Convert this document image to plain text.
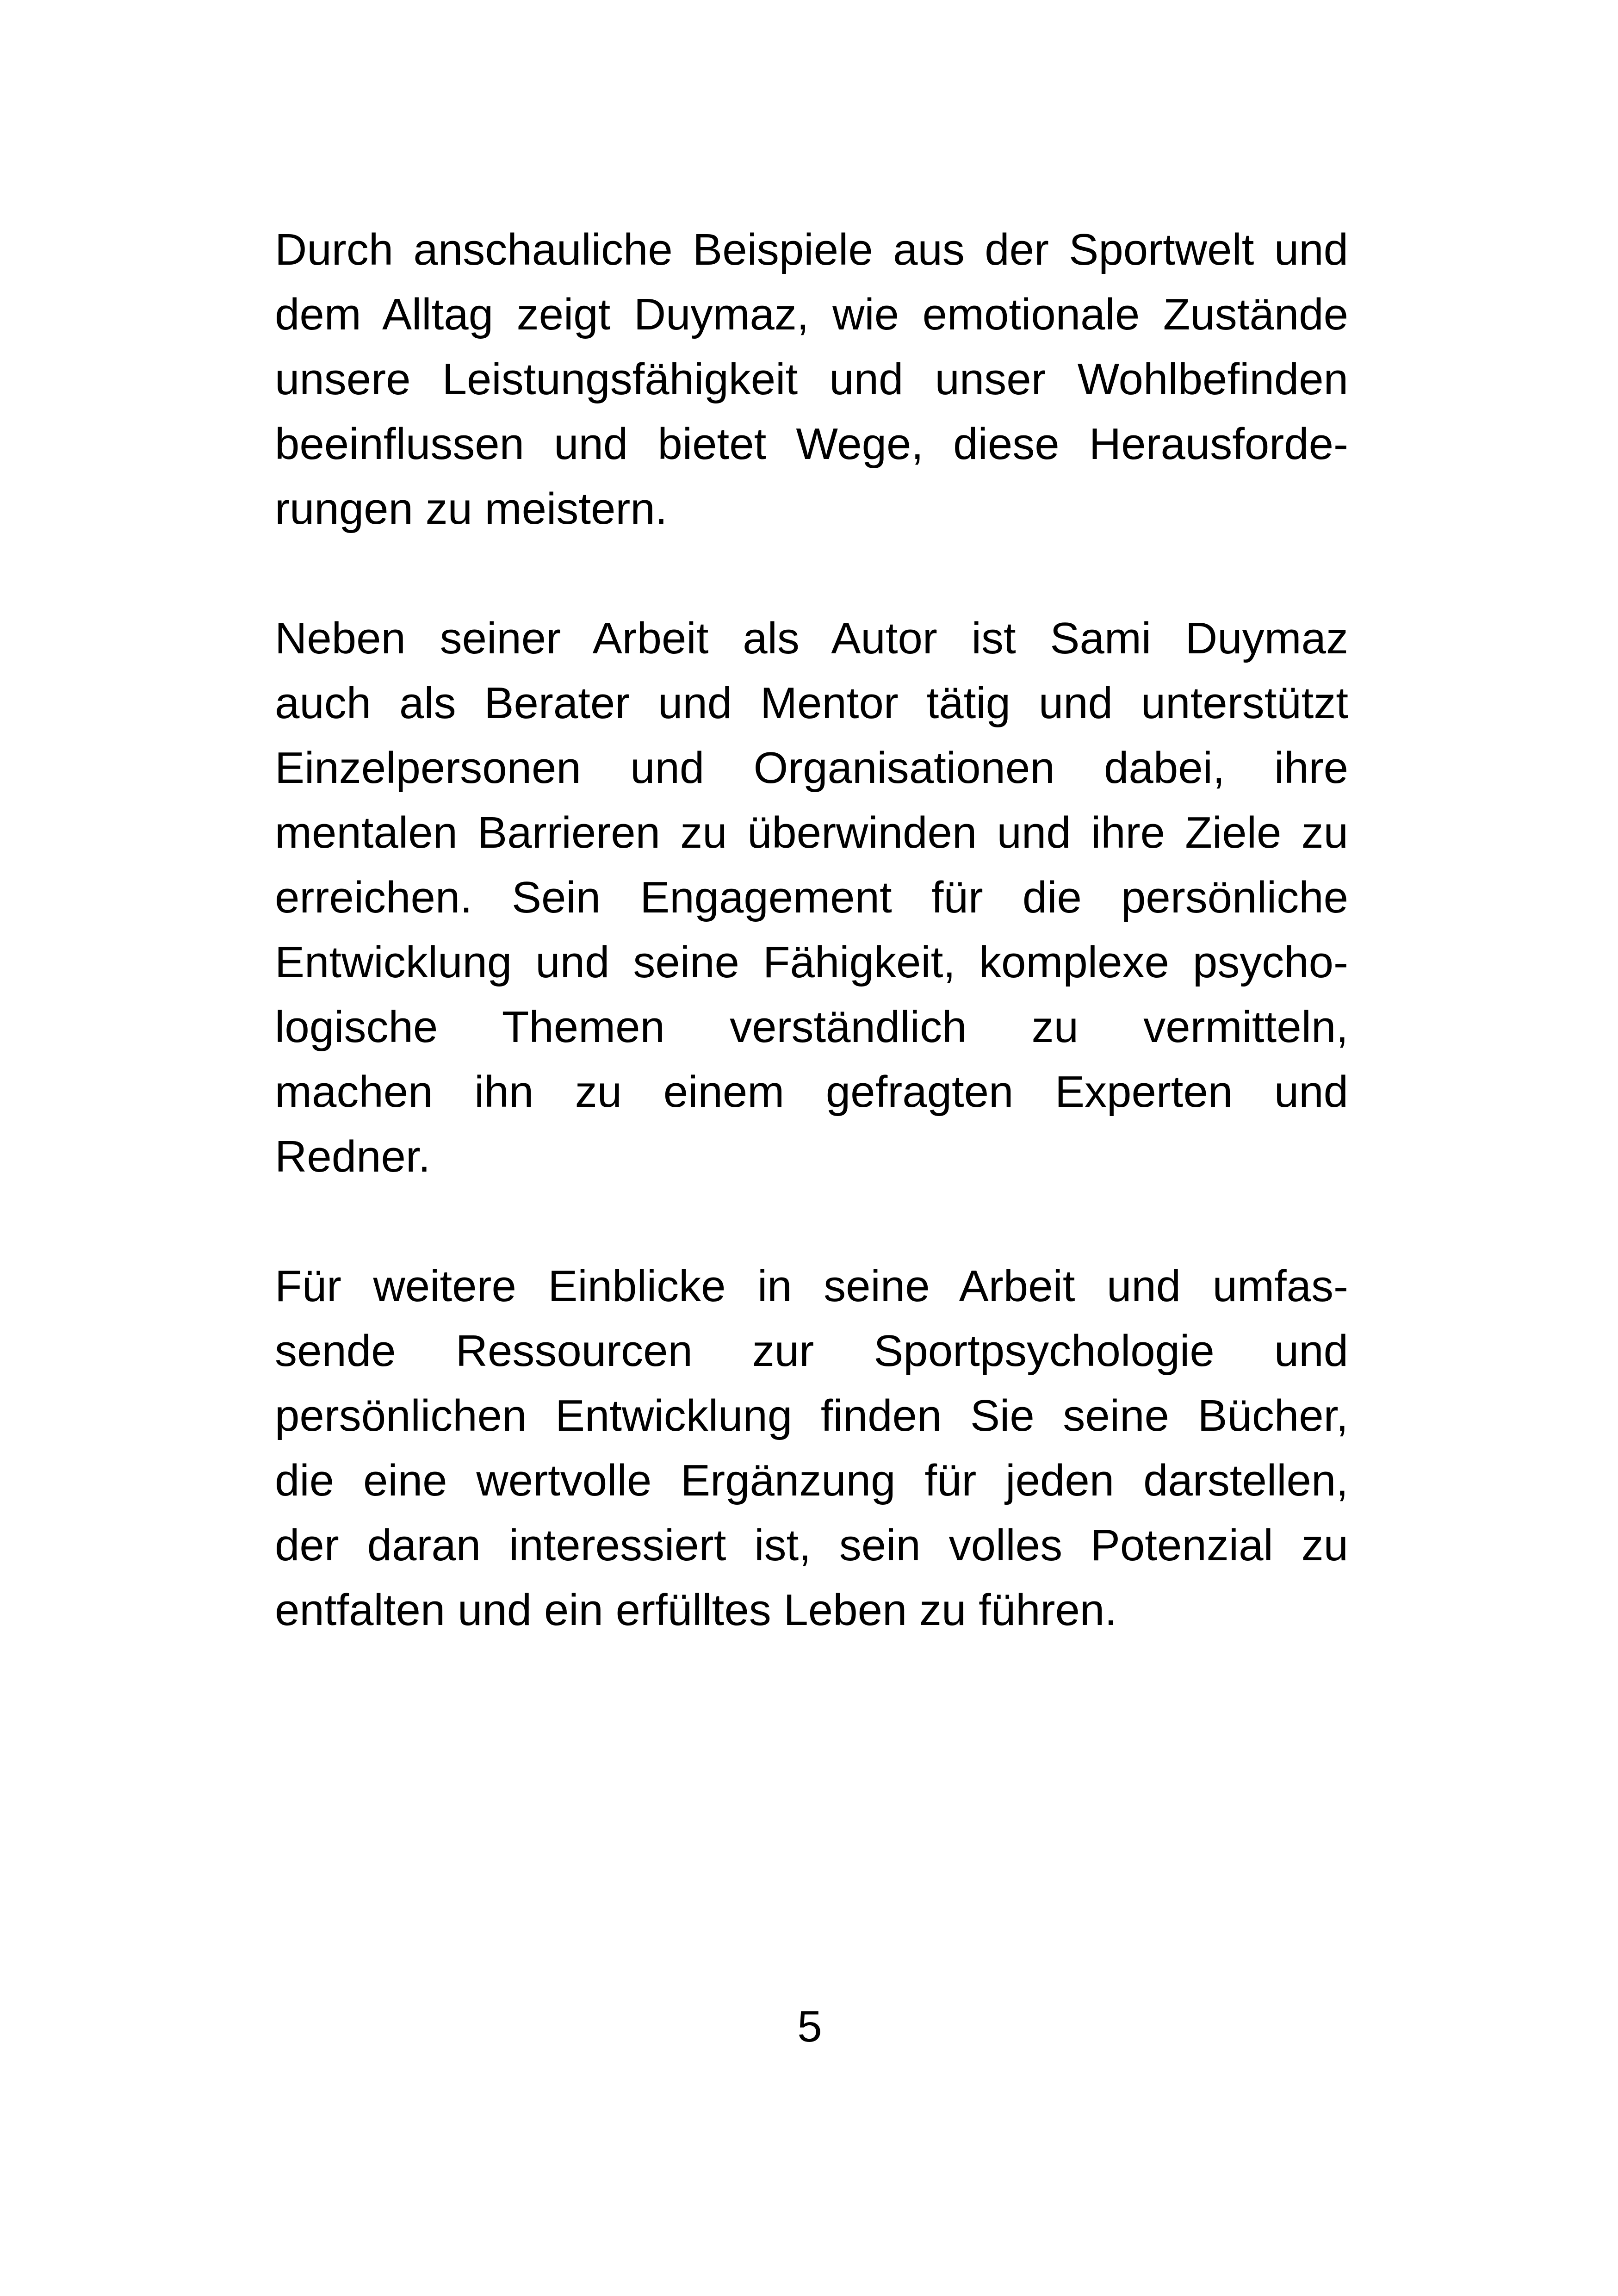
Durch anschauliche Beispiele aus der Sportwelt und
dem Alltag zeigt Duymaz, wie emotionale Zustände
unsere Leistungsfähigkeit und unser Wohlbefinden
beeinflussen und bietet Wege, diese Herausforde-
rungen zu meistern.
Neben seiner Arbeit als Autor ist Sami Duymaz
auch als Berater und Mentor tätig und unterstützt
Einzelpersonen und Organisationen dabei, ihre
mentalen Barrieren zu überwinden und ihre Ziele zu
erreichen. Sein Engagement für die persönliche
Entwicklung und seine Fähigkeit, komplexe psycho-
logische Themen verständlich zu vermitteln,
machen ihn zu einem gefragten Experten und
Redner.
Für weitere Einblicke in seine Arbeit und umfas-
sende Ressourcen zur Sportpsychologie und
persönlichen Entwicklung finden Sie seine Bücher,
die eine wertvolle Ergänzung für jeden darstellen,
der daran interessiert ist, sein volles Potenzial zu
entfalten und ein erfülltes Leben zu führen.
5
